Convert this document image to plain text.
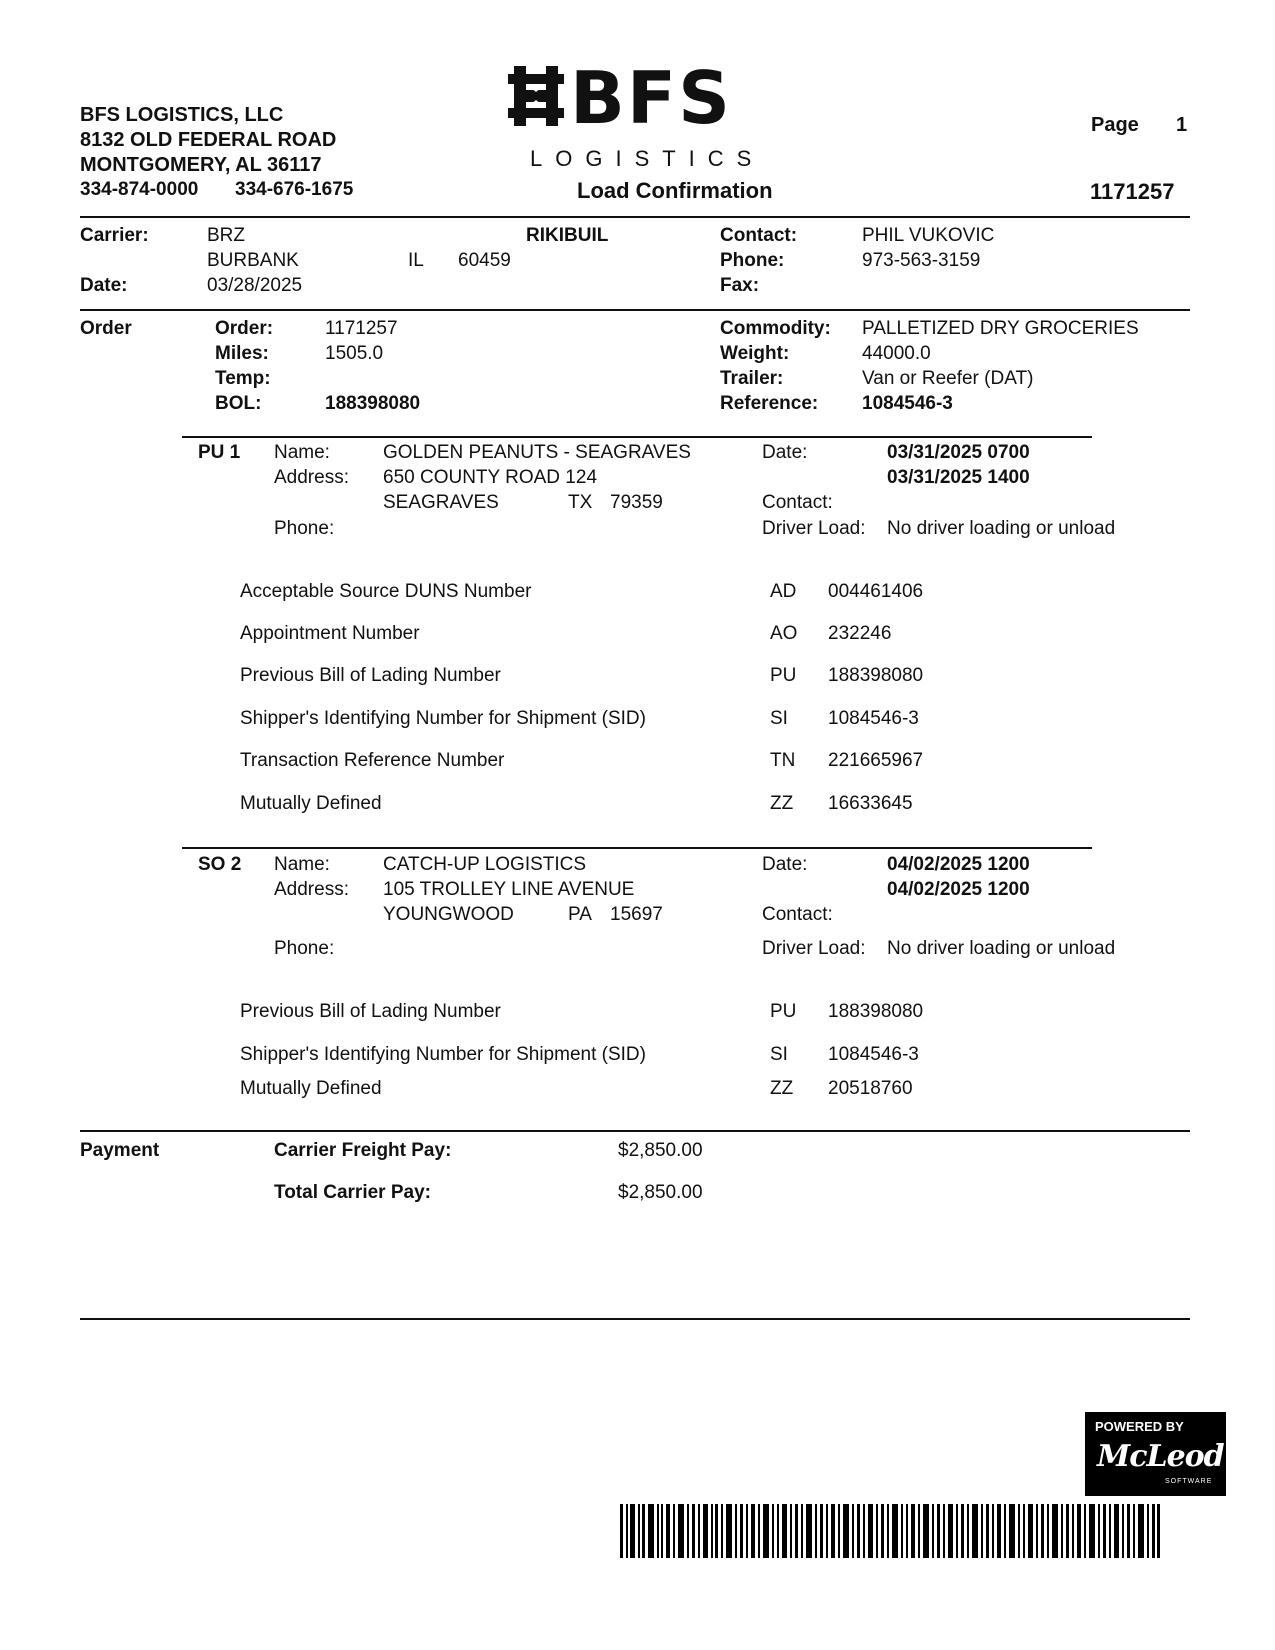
BFS LOGISTICS, LLC
8132 OLD FEDERAL ROAD
MONTGOMERY, AL 36117
334-874-0000 334-676-1675
BFS
LOGISTICS
Load Confirmation
Page 1
1171257
Carrier:	BRZ	RIKIBUIL
BURBANK	IL 60459
Date:	03/28/2025
Contact:	PHIL VUKOVIC
Phone:	973-563-3159
Fax:
Order	Order:	1171257
Miles:	1505.0
Temp:
BOL:	188398080
Commodity: PALLETIZED DRY GROCERIES
Weight:	44000.0
Trailer:	Van or Reefer (DAT)
Reference: 1084546-3
PU 1 Name:	GOLDEN PEANUTS - SEAGRAVES
Address: 650 COUNTY ROAD 124
SEAGRAVES	TX 79359
Phone:
Date:	03/31/2025 0700
03/31/2025 1400
Contact:
Driver Load: No driver loading or unload
Acceptable Source DUNS Number	AD 004461406
Appointment Number	AO 232246
Previous Bill of Lading Number	PU 188398080
Shipper's Identifying Number for Shipment (SID)	SI 1084546-3
Transaction Reference Number	TN 221665967
Mutually Defined	ZZ 16633645
SO 2 Name:	CATCH-UP LOGISTICS
Address: 105 TROLLEY LINE AVENUE
YOUNGWOOD	PA 15697
Phone:
Date:	04/02/2025 1200
04/02/2025 1200
Contact:
Driver Load: No driver loading or unload
Previous Bill of Lading Number	PU 188398080
Shipper's Identifying Number for Shipment (SID)	SI 1084546-3
Mutually Defined	ZZ 20518760
Payment	Carrier Freight Pay:	$2,850.00
Total Carrier Pay:	$2,850.00
POWERED BY
McLeod
SOFTWARE
